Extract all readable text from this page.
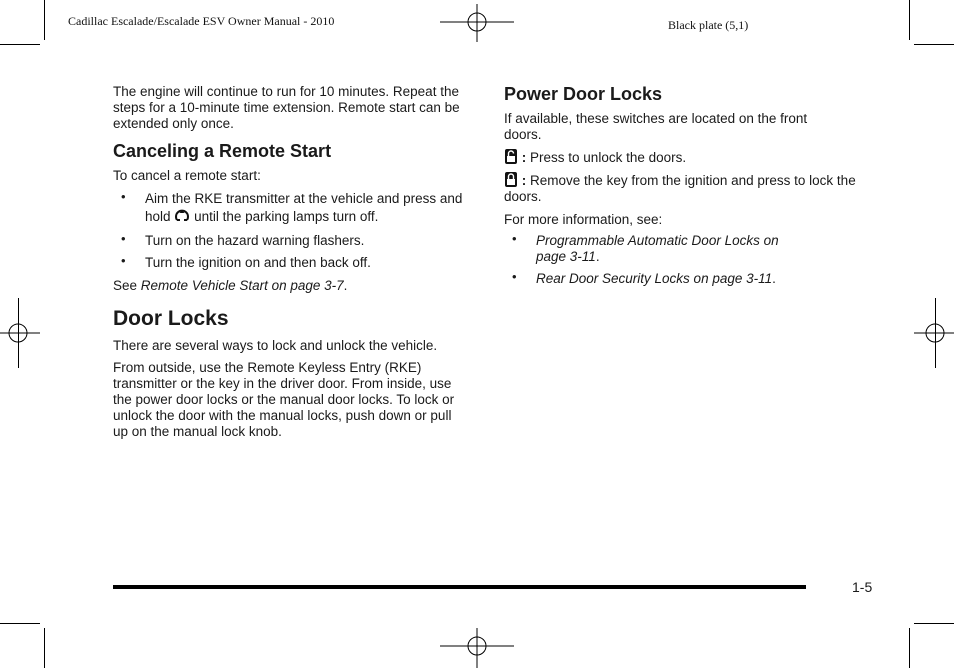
Cadillac Escalade/Escalade ESV Owner Manual - 2010	Black plate (5,1)

The engine will continue to run for 10 minutes. Repeat the steps for a 10-minute time extension. Remote start can be extended only once.

Canceling a Remote Start

To cancel a remote start:

• Aim the RKE transmitter at the vehicle and press and hold until the parking lamps turn off.
• Turn on the hazard warning flashers.
• Turn the ignition on and then back off.

See Remote Vehicle Start on page 3-7.

Door Locks

There are several ways to lock and unlock the vehicle.

From outside, use the Remote Keyless Entry (RKE) transmitter or the key in the driver door. From inside, use the power door locks or the manual door locks. To lock or unlock the door with the manual locks, push down or pull up on the manual lock knob.

Power Door Locks

If available, these switches are located on the front doors.

: Press to unlock the doors.

: Remove the key from the ignition and press to lock the doors.

For more information, see:

• Programmable Automatic Door Locks on
page 3-11.
• Rear Door Security Locks on page 3-11.
1-5
